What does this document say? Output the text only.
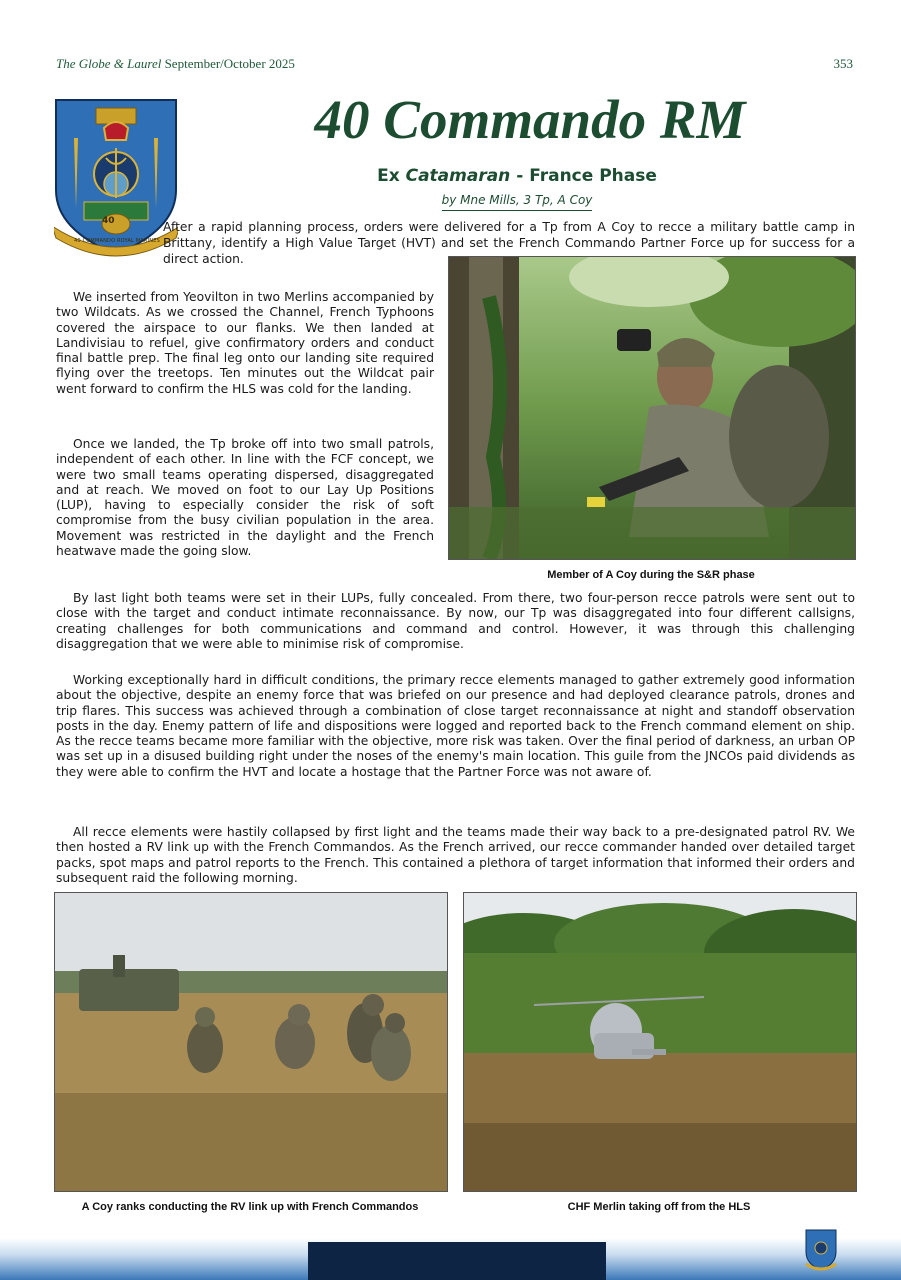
The Globe & Laurel September/October 2025	353
40
40 COMMANDO ROYAL MARINES
40 Commando RM
Ex Catamaran - France Phase
by Mne Mills, 3 Tp, A Coy

After a rapid planning process, orders were delivered for a Tp from A Coy to recce a military battle camp in Brittany, identify a High Value Target (HVT) and set the French Commando Partner Force up for success for a direct action.

We inserted from Yeovilton in two Merlins accompanied by two Wildcats. As we crossed the Channel, French Typhoons covered the airspace to our flanks. We then landed at Landivisiau to refuel, give confirmatory orders and conduct final battle prep. The final leg onto our landing site required flying over the treetops. Ten minutes out the Wildcat pair went forward to confirm the HLS was cold for the landing.

Once we landed, the Tp broke off into two small patrols, independent of each other. In line with the FCF concept, we were two small teams operating dispersed, disaggregated and at reach. We moved on foot to our Lay Up Positions (LUP), having to especially consider the risk of soft compromise from the busy civilian population in the area. Movement was restricted in the daylight and the French heatwave made the going slow.

Member of A Coy during the S&R phase

By last light both teams were set in their LUPs, fully concealed. From there, two four-person recce patrols were sent out to close with the target and conduct intimate reconnaissance. By now, our Tp was disaggregated into four different callsigns, creating challenges for both communications and command and control. However, it was through this challenging disaggregation that we were able to minimise risk of compromise.

Working exceptionally hard in difficult conditions, the primary recce elements managed to gather extremely good information about the objective, despite an enemy force that was briefed on our presence and had deployed clearance patrols, drones and trip flares. This success was achieved through a combination of close target reconnaissance at night and standoff observation posts in the day. Enemy pattern of life and dispositions were logged and reported back to the French command element on ship. As the recce teams became more familiar with the objective, more risk was taken. Over the final period of darkness, an urban OP was set up in a disused building right under the noses of the enemy's main location. This guile from the JNCOs paid dividends as they were able to confirm the HVT and locate a hostage that the Partner Force was not aware of.

All recce elements were hastily collapsed by first light and the teams made their way back to a pre-designated patrol RV. We then hosted a RV link up with the French Commandos. As the French arrived, our recce commander handed over detailed target packs, spot maps and patrol reports to the French. This contained a plethora of target information that informed their orders and subsequent raid the following morning.

A Coy ranks conducting the RV link up with French Commandos	CHF Merlin taking off from the HLS
